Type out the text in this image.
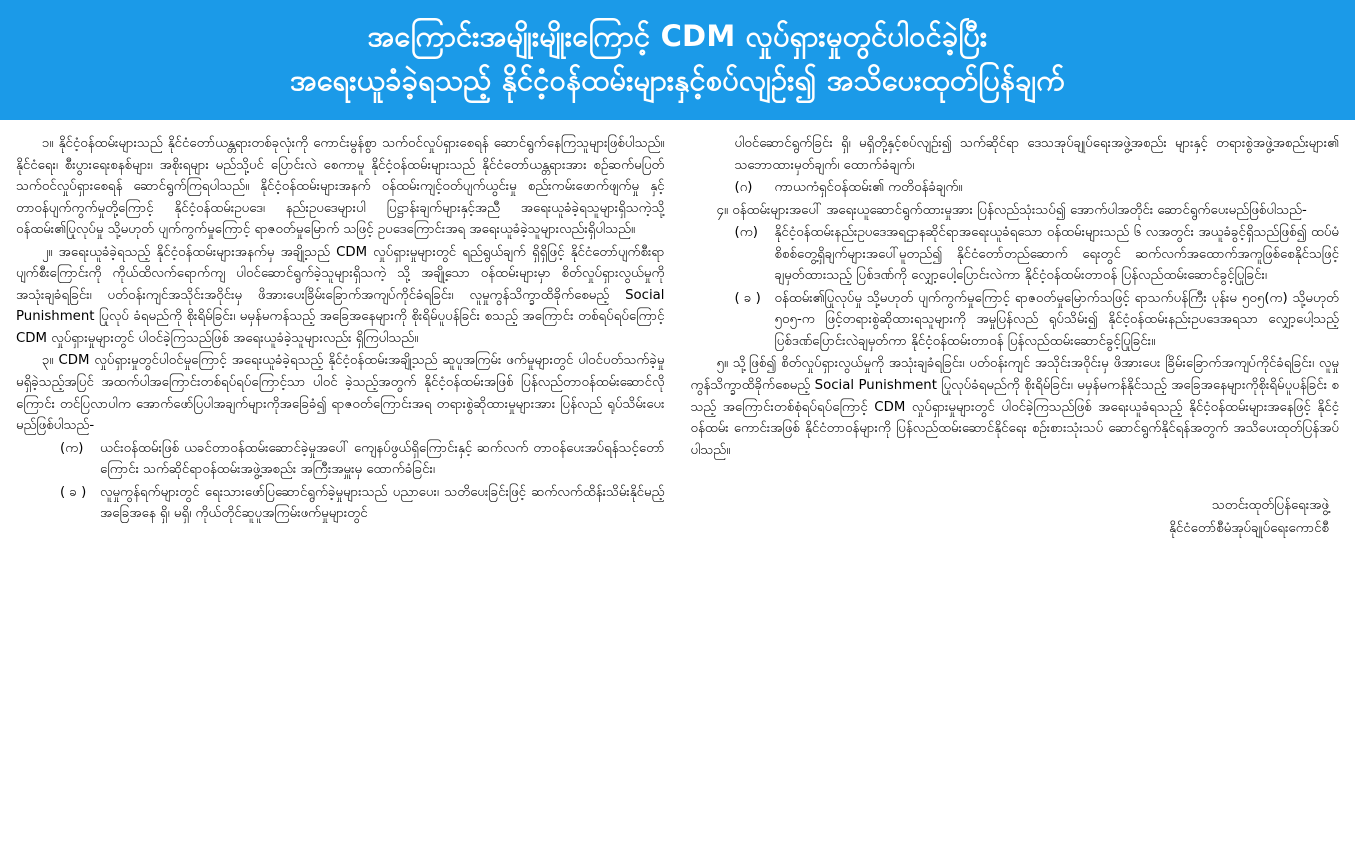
အကြောင်းအမျိုးမျိုးကြောင့် CDM လှုပ်ရှားမှုတွင်ပါဝင်ခဲ့ပြီး
အရေးယူခံခဲ့ရသည့် နိုင်ငံ့ဝန်ထမ်းများနှင့်စပ်လျဉ်း၍ အသိပေးထုတ်ပြန်ချက်
၁။ နိုင်ငံ့ဝန်ထမ်းများသည် နိုင်ငံတော်ယန္တရားတစ်ခုလုံးကို ကောင်းမွန်စွာ သက်ဝင်လှုပ်ရှားစေရန် ဆောင်ရွက်နေကြသူများဖြစ်ပါသည်။ နိုင်ငံရေး၊ စီးပွားရေးစနစ်များ၊ အစိုးရများ မည်သို့ပင် ပြောင်းလဲ စေကာမူ နိုင်ငံ့ဝန်ထမ်းများသည် နိုင်ငံတော်ယန္တရားအား စဉ်ဆက်မပြတ် သက်ဝင်လှုပ်ရှားစေရန် ဆောင်ရွက်ကြရပါသည်။ နိုင်ငံ့ဝန်ထမ်းများအနက် ဝန်ထမ်းကျင့်ဝတ်ပျက်ယွင်းမှု စည်းကမ်းဖောက်ဖျက်မှု နှင့် တာဝန်ပျက်ကွက်မှုတို့ကြောင့် နိုင်ငံ့ဝန်ထမ်းဥပဒေ၊ နည်းဥပဒေများပါ ပြဋ္ဌာန်းချက်များနှင့်အညီ အရေးယူခံခဲ့ရသူများရှိသကဲ့သို့ ဝန်ထမ်း၏ပြုလုပ်မှု သို့မဟုတ် ပျက်ကွက်မှုကြောင့် ရာဇဝတ်မှုမြောက် သဖြင့် ဥပဒေကြောင်းအရ အရေးယူခံခဲ့သူများလည်းရှိပါသည်။
၂။ အရေးယူခံခဲ့ရသည့် နိုင်ငံ့ဝန်ထမ်းများအနက်မှ အချို့သည် CDM လှုပ်ရှားမှုများတွင် ရည်ရွယ်ချက် ရှိရှိဖြင့် နိုင်ငံတော်ပျက်စီးရာပျက်စီးကြောင်းကို ကိုယ်ထိလက်ရောက်ကျ ပါဝင်ဆောင်ရွက်ခဲ့သူများရှိသကဲ့ သို့ အချို့သော ဝန်ထမ်းများမှာ စိတ်လှုပ်ရှားလွယ်မှုကို အသုံးချခံရခြင်း၊ ပတ်ဝန်းကျင်အသိုင်းအဝိုင်းမှ ဖိအားပေးခြိမ်းခြောက်အကျပ်ကိုင်ခံရခြင်း၊ လူမှုကွန်သိက္ခာထိခိုက်စေမည့် Social Punishment ပြုလုပ် ခံရမည်ကို စိုးရိမ်ခြင်း၊ မမှန်မကန်သည့် အခြေအနေများကို စိုးရိမ်ပူပန်ခြင်း စသည့် အကြောင်း တစ်ရပ်ရပ်ကြောင့် CDM လှုပ်ရှားမှုများတွင် ပါဝင်ခဲ့ကြသည်ဖြစ် အရေးယူခံခဲ့သူများလည်း ရှိကြပါသည်။
၃။ CDM လှုပ်ရှားမှုတွင်ပါဝင်မှုကြောင့် အရေးယူခံခဲ့ရသည့် နိုင်ငံ့ဝန်ထမ်းအချို့သည် ဆူပူအကြမ်း ဖက်မှုများတွင် ပါဝင်ပတ်သက်ခဲ့မှုမရှိခဲ့သည့်အပြင် အထက်ပါအကြောင်းတစ်ရပ်ရပ်ကြောင့်သာ ပါဝင် ခဲ့သည့်အတွက် နိုင်ငံ့ဝန်ထမ်းအဖြစ် ပြန်လည်တာဝန်ထမ်းဆောင်လိုကြောင်း တင်ပြလာပါက အောက်ဖော်ပြပါအချက်များကိုအခြေခံ၍ ရာဇဝတ်ကြောင်းအရ တရားစွဲဆိုထားမှုများအား ပြန်လည် ရုပ်သိမ်းပေးမည်ဖြစ်ပါသည်-
(က)	ယင်းဝန်ထမ်းဖြစ် ယခင်တာဝန်ထမ်းဆောင်ခဲ့မှုအပေါ် ကျေနပ်ဖွယ်ရှိကြောင်းနှင့် ဆက်လက် တာဝန်ပေးအပ်ရန်သင့်တော်ကြောင်း သက်ဆိုင်ရာဝန်ထမ်းအဖွဲ့အစည်း အကြီးအမှူးမှ ထောက်ခံခြင်း၊
( ခ )	လူမှုကွန်ရက်များတွင် ရေးသားဖော်ပြဆောင်ရွက်ခဲ့မှုများသည် ပညာပေး၊ သတိပေးခြင်းဖြင့် ဆက်လက်ထိန်းသိမ်းနိုင်မည့်အခြေအနေ ရှိ၊ မရှိ၊ ကိုယ်တိုင်ဆူပူအကြမ်းဖက်မှုများတွင်
ပါဝင်ဆောင်ရွက်ခြင်း ရှိ၊ မရှိတို့နှင့်စပ်လျဉ်း၍ သက်ဆိုင်ရာ ဒေသအုပ်ချုပ်ရေးအဖွဲ့အစည်း များနှင့် တရားစွဲအဖွဲ့အစည်းများ၏ သဘောထားမှတ်ချက်၊ ထောက်ခံချက်၊
(ဂ)	ကာယကံရှင်ဝန်ထမ်း၏ ကတိဝန်ခံချက်။
၄။ ဝန်ထမ်းများအပေါ် အရေးယူဆောင်ရွက်ထားမှုအား ပြန်လည်သုံးသပ်၍ အောက်ပါအတိုင်း ဆောင်ရွက်ပေးမည်ဖြစ်ပါသည်-
(က)	နိုင်ငံ့ဝန်ထမ်းနည်းဥပဒေအရဌာနဆိုင်ရာအရေးယူခံရသော ဝန်ထမ်းများသည် ၆ လအတွင်း အယူခံခွင့်ရှိသည်ဖြစ်၍ ထပ်မံစိစစ်တွေ့ရှိချက်များအပေါ်မူတည်၍ နိုင်ငံတော်တည်ဆောက် ရေးတွင် ဆက်လက်အထောက်အကူဖြစ်စေနိုင်သဖြင့် ချမှတ်ထားသည့် ပြစ်ဒဏ်ကို လျှော့ပေါ့ပြောင်းလဲကာ နိုင်ငံ့ဝန်ထမ်းတာဝန် ပြန်လည်ထမ်းဆောင်ခွင့်ပြုခြင်း၊
( ခ )	ဝန်ထမ်း၏ပြုလုပ်မှု သို့မဟုတ် ပျက်ကွက်မှုကြောင့် ရာဇဝတ်မှုမြောက်သဖြင့် ရာသက်ပန်ကြီး ပုန်းမ ၅၀၅(က) သို့မဟုတ် ၅၀၅-က ဖြင့်တရားစွဲဆိုထားရသူများကို အမှုပြန်လည် ရုပ်သိမ်း၍ နိုင်ငံ့ဝန်ထမ်းနည်းဥပဒေအရသာ လျှော့ပေါ့သည့် ပြစ်ဒဏ်ပြောင်းလဲချမှတ်ကာ နိုင်ငံ့ဝန်ထမ်းတာဝန် ပြန်လည်ထမ်းဆောင်ခွင့်ပြုခြင်း။
၅။ သို့ဖြစ်၍ စိတ်လှုပ်ရှားလွယ်မှုကို အသုံးချခံရခြင်း၊ ပတ်ဝန်းကျင် အသိုင်းအဝိုင်းမှ ဖိအားပေး ခြိမ်းခြောက်အကျပ်ကိုင်ခံရခြင်း၊ လူမှုကွန်သိက္ခာထိခိုက်စေမည့် Social Punishment ပြုလုပ်ခံရမည်ကို စိုးရိမ်ခြင်း၊ မမှန်မကန်နိုင်သည့် အခြေအနေများကိုစိုးရိမ်ပူပန်ခြင်း စသည့် အကြောင်းတစ်စုံရပ်ရပ်ကြောင့် CDM လှုပ်ရှားမှုများတွင် ပါဝင်ခဲ့ကြသည်ဖြစ် အရေးယူခံရသည့် နိုင်ငံ့ဝန်ထမ်းများအနေဖြင့် နိုင်ငံ့ဝန်ထမ်း ကောင်းအဖြစ် နိုင်ငံတာဝန်များကို ပြန်လည်ထမ်းဆောင်နိုင်ရေး စဉ်းစားသုံးသပ် ဆောင်ရွက်နိုင်ရန်အတွက် အသိပေးထုတ်ပြန်အပ်ပါသည်။
သတင်းထုတ်ပြန်ရေးအဖွဲ့
နိုင်ငံတော်စီမံအုပ်ချုပ်ရေးကောင်စီ
